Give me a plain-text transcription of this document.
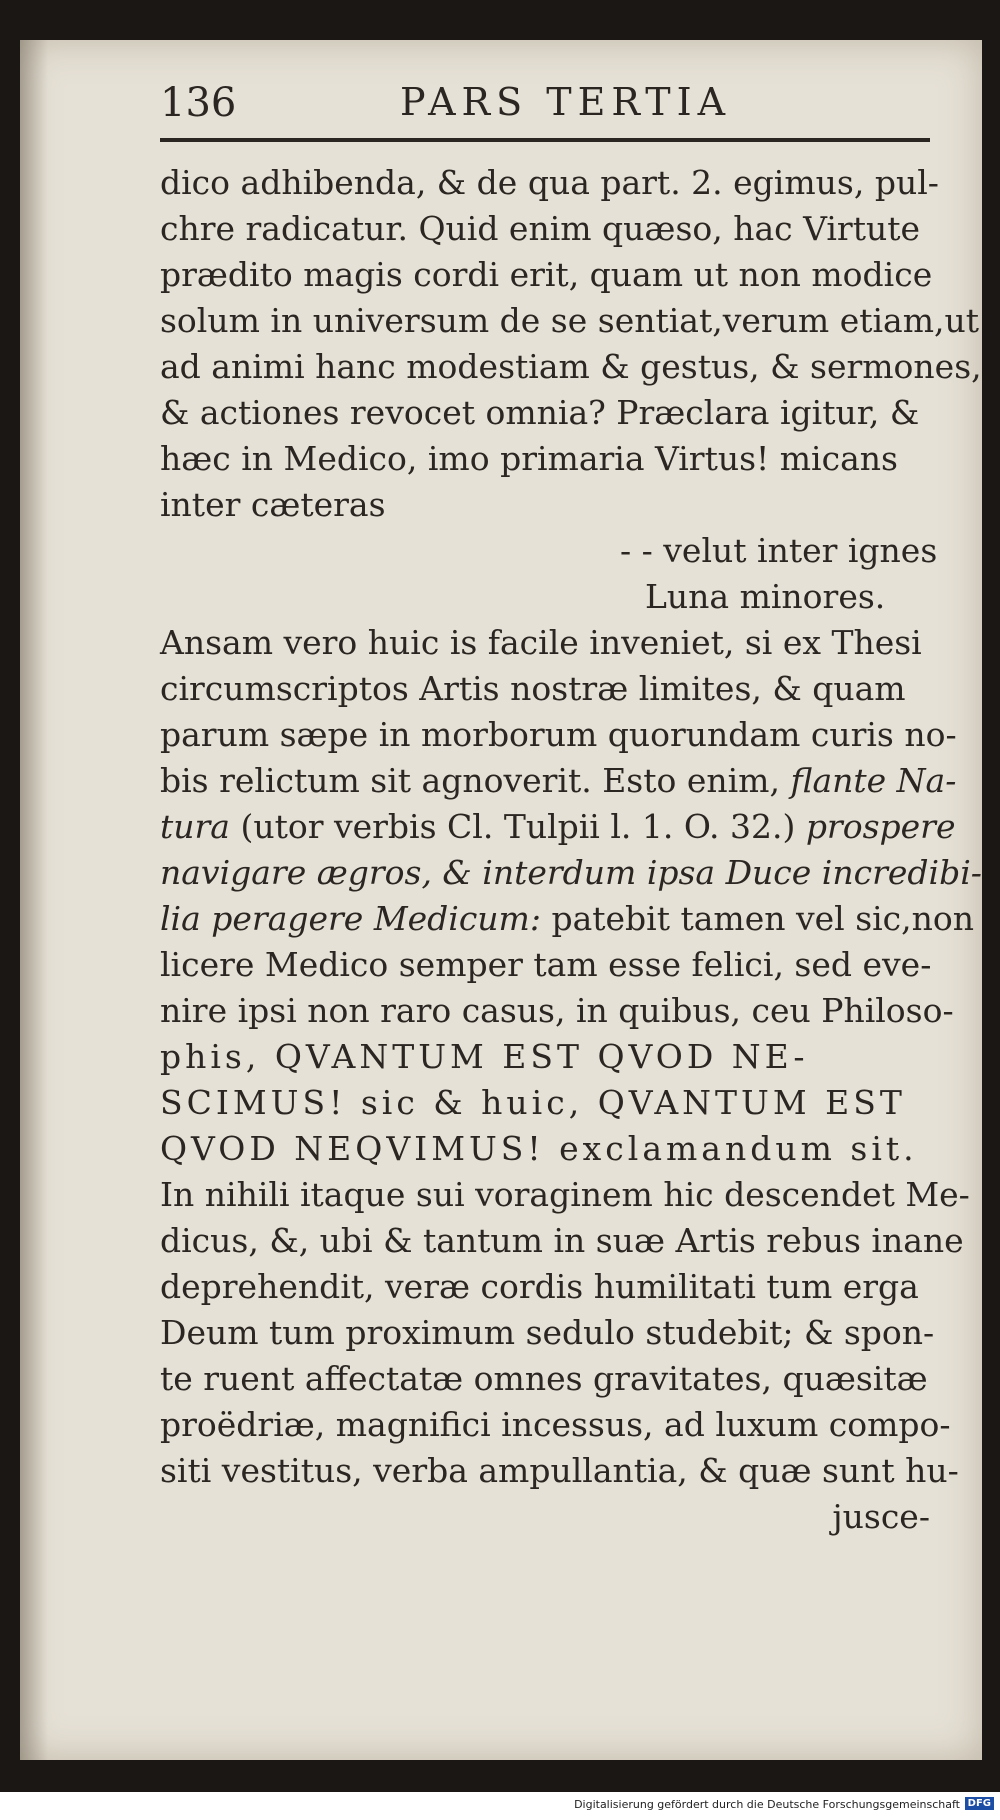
136	PARS TERTIA
dico adhibenda, & de qua part. 2. egimus, pul-
chre radicatur. Quid enim quæso, hac Virtute
prædito magis cordi erit, quam ut non modice
solum in universum de se sentiat,verum etiam,ut
ad animi hanc modestiam & gestus, & sermones,
& actiones revocet omnia? Præclara igitur, &
hæc in Medico, imo primaria Virtus! micans
inter cæteras
- - velut inter ignes
Luna minores.
Ansam vero huic is facile inveniet, si ex Thesi
circumscriptos Artis nostræ limites, & quam
parum sæpe in morborum quorundam curis no-
bis relictum sit agnoverit. Esto enim, flante Na-
tura (utor verbis Cl. Tulpii l. 1. O. 32.) prospere
navigare ægros, & interdum ipsa Duce incredibi-
lia peragere Medicum: patebit tamen vel sic,non
licere Medico semper tam esse felici, sed eve-
nire ipsi non raro casus, in quibus, ceu Philoso-
phis, QVANTUM EST QVOD NE-
SCIMUS! sic & huic, QVANTUM EST
QVOD NEQVIMUS! exclamandum sit.
In nihili itaque sui voraginem hic descendet Me-
dicus, &, ubi & tantum in suæ Artis rebus inane
deprehendit, veræ cordis humilitati tum erga
Deum tum proximum sedulo studebit; & spon-
te ruent affectatæ omnes gravitates, quæsitæ
proëdriæ, magnifici incessus, ad luxum compo-
siti vestitus, verba ampullantia, & quæ sunt hu-
jusce-
Digitalisierung gefördert durch die Deutsche Forschungsgemeinschaft DFG
